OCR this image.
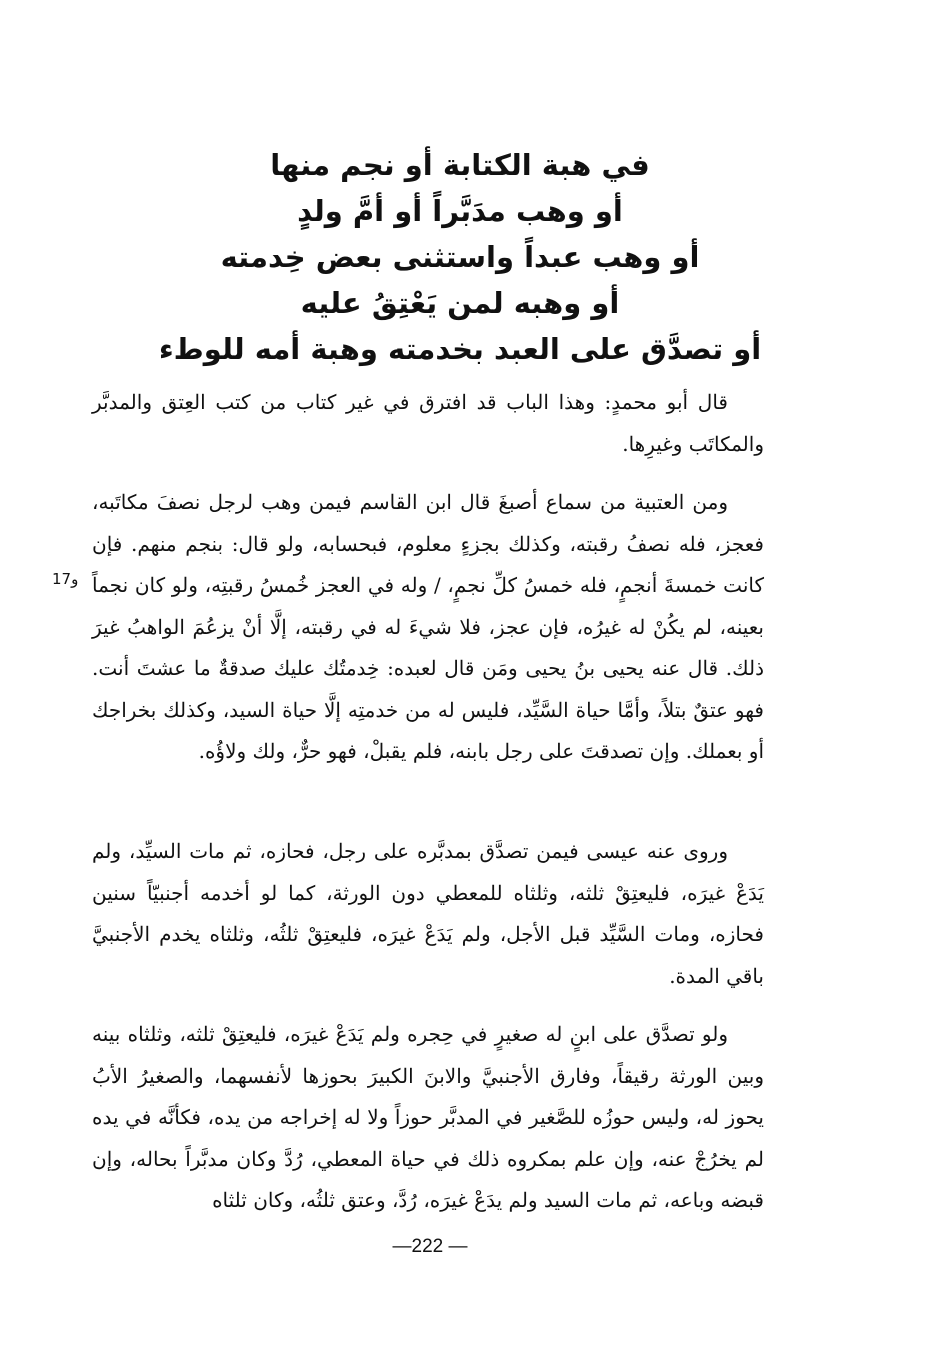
في هبة الكتابة أو نجم منها
أو وهب مدَبَّراً أو أمَّ ولدٍ
أو وهب عبداً واستثنى بعض خِدمته
أو وهبه لمن يَعْتِقُ عليه
أو تصدَّق على العبد بخدمته وهبة أمه للوطء

قال أبو محمدٍ: وهذا الباب قد افترق في غير كتاب من كتب العِتق والمدبَّر والمكاتَب وغيرِها.

ومن العتبية من سماع أصبغَ قال ابن القاسم فيمن وهب لرجل نصفَ مكاتَبه، فعجز، فله نصفُ رقبته، وكذلك بجزءٍ معلوم، فبحسابه، ولو قال: بنجم منهم. فإن كانت خمسةَ أنجمٍ، فله خمسُ كلِّ نجمٍ، / وله في العجز خُمسُ رقبتِه، ولو كان نجماً بعينه، لم يكُنْ له غيرُه، فإن عجز، فلا شيءَ له في رقبته، إلَّا أنْ يزعُمَ الواهبُ غيرَ ذلك. قال عنه يحيى بنُ يحيى ومَن قال لعبده: خِدمتُك عليك صدقةٌ ما عشتَ أنت. فهو عتقٌ بتلاً، وأمَّا حياة السَّيِّد، فليس له من خدمتِه إلَّا حياة السيد، وكذلك بخراجك أو بعملك. وإن تصدقتَ على رجل بابنه، فلم يقبلْ، فهو حرٌّ، ولك ولاؤُه.

17و

وروى عنه عيسى فيمن تصدَّق بمدبَّره على رجل، فحازه، ثم مات السيِّد، ولم يَدَعْ غيرَه، فليعتِقْ ثلثه، وثلثاه للمعطي دون الورثة، كما لو أخدمه أجنبيّاً سنين فحازه، ومات السَّيِّد قبل الأجل، ولم يَدَعْ غيرَه، فليعتِقْ ثلثُه، وثلثاه يخدم الأجنبيَّ باقي المدة.

ولو تصدَّق على ابنٍ له صغيرٍ في حِجره ولم يَدَعْ غيرَه، فليعتِقْ ثلثه، وثلثاه بينه وبين الورثة رقيقاً، وفارق الأجنبيَّ والابنَ الكبيرَ بحوزها لأنفسهما، والصغيرُ الأبُ يحوز له، وليس حوزُه للصَّغير في المدبَّر حوزاً ولا له إخراجه من يده، فكأنَّه في يده لم يخرُجْ عنه، وإن علم بمكروه ذلك في حياة المعطي، رُدَّ وكان مدبَّراً بحاله، وإن قبضه وباعه، ثم مات السيد ولم يدَعْ غيرَه، رُدَّ، وعتق ثلثُه، وكان ثلثاه

—222 —
